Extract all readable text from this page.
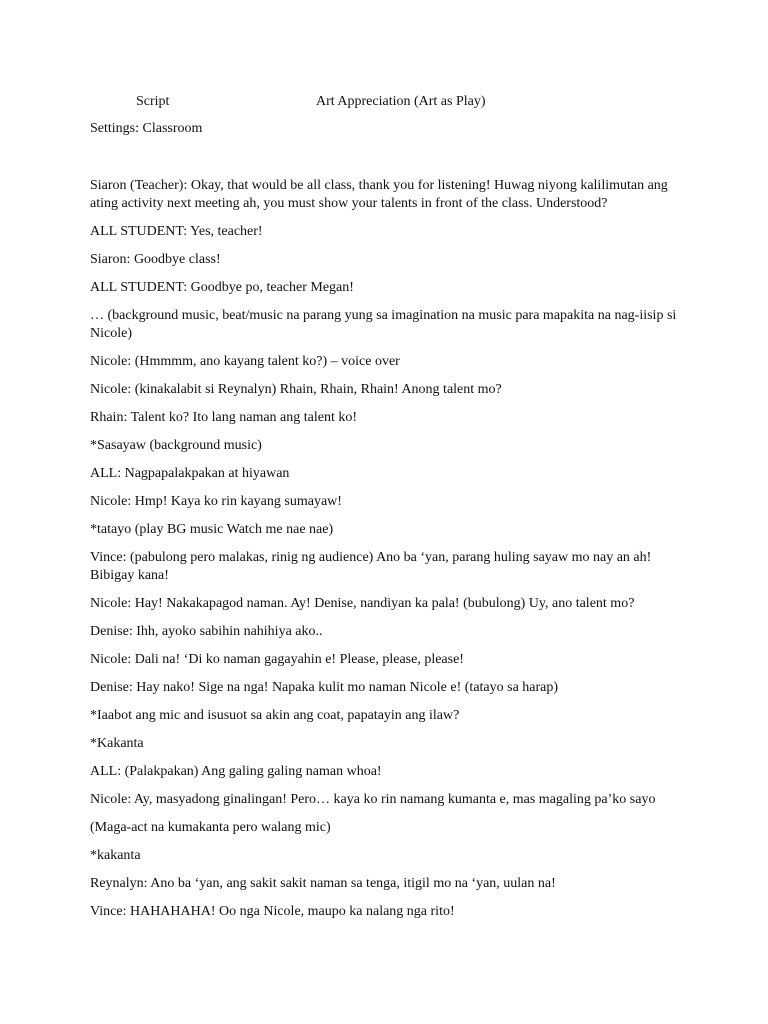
Script	Art Appreciation (Art as Play)
Settings: Classroom

Siaron (Teacher): Okay, that would be all class, thank you for listening! Huwag niyong kalilimutan ang ating activity next meeting ah, you must show your talents in front of the class. Understood?

ALL STUDENT: Yes, teacher!

Siaron: Goodbye class!

ALL STUDENT: Goodbye po, teacher Megan!

… (background music, beat/music na parang yung sa imagination na music para mapakita na nag-iisip si Nicole)

Nicole: (Hmmmm, ano kayang talent ko?) – voice over

Nicole: (kinakalabit si Reynalyn) Rhain, Rhain, Rhain! Anong talent mo?

Rhain: Talent ko? Ito lang naman ang talent ko!

*Sasayaw (background music)

ALL: Nagpapalakpakan at hiyawan

Nicole: Hmp! Kaya ko rin kayang sumayaw!

*tatayo (play BG music Watch me nae nae)

Vince: (pabulong pero malakas, rinig ng audience) Ano ba ‘yan, parang huling sayaw mo nay an ah! Bibigay kana!

Nicole: Hay! Nakakapagod naman. Ay! Denise, nandiyan ka pala! (bubulong) Uy, ano talent mo?

Denise: Ihh, ayoko sabihin nahihiya ako..

Nicole: Dali na! ‘Di ko naman gagayahin e! Please, please, please!

Denise: Hay nako! Sige na nga! Napaka kulit mo naman Nicole e! (tatayo sa harap)

*Iaabot ang mic and isusuot sa akin ang coat, papatayin ang ilaw?

*Kakanta

ALL: (Palakpakan) Ang galing galing naman whoa!

Nicole: Ay, masyadong ginalingan! Pero… kaya ko rin namang kumanta e, mas magaling pa’ko sayo

(Maga-act na kumakanta pero walang mic)

*kakanta

Reynalyn: Ano ba ‘yan, ang sakit sakit naman sa tenga, itigil mo na ‘yan, uulan na!

Vince: HAHAHAHA! Oo nga Nicole, maupo ka nalang nga rito!
